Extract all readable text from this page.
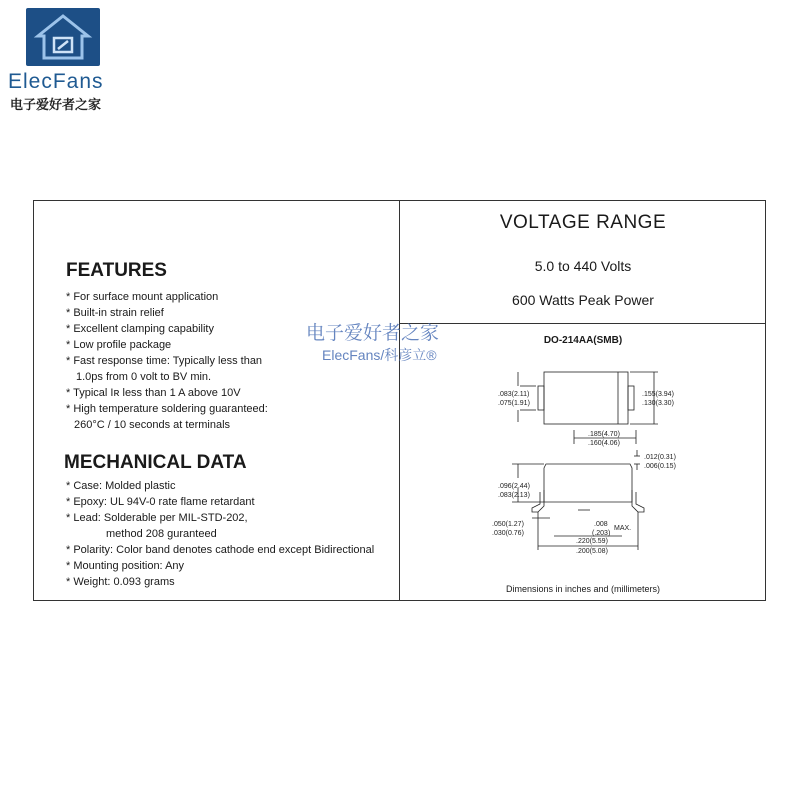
ElecFans
电子爱好者之家
FEATURES
* For surface mount application
* Built-in strain relief
* Excellent clamping capability
* Low profile package
* Fast response time: Typically less than
1.0ps from 0 volt to BV min.
* Typical Iʀ less than 1 A above 10V
* High temperature soldering guaranteed:
260°C / 10 seconds at terminals
MECHANICAL DATA
* Case: Molded plastic
* Epoxy: UL 94V-0 rate flame retardant
* Lead: Solderable per MIL-STD-202,
method 208 guranteed
* Polarity: Color band denotes cathode end except Bidirectional
* Mounting position: Any
* Weight: 0.093 grams
VOLTAGE RANGE
5.0 to 440 Volts
600 Watts Peak Power
DO-214AA(SMB)
.083(2.11)
.075(1.91)
.155(3.94)
.130(3.30)
.185(4.70)
.160(4.06)
.012(0.31)
.006(0.15)
.096(2.44)
.083(2.13)
.050(1.27)
.030(0.76)
.008
(.203)
MAX.
.220(5.59)
.200(5.08)
Dimensions in inches and (millimeters)
电子爱好者之家
ElecFans/科彦立®
